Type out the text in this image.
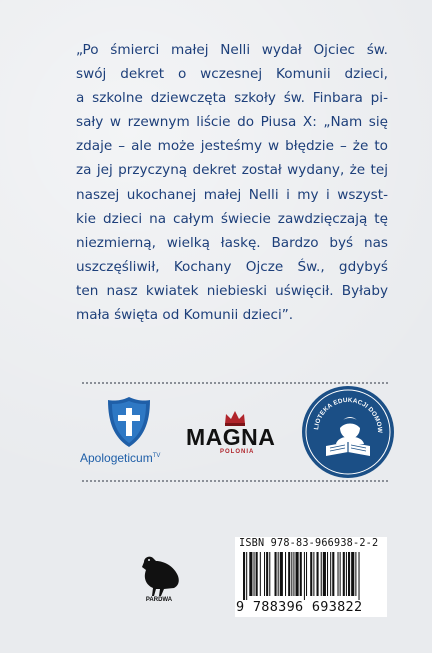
„Po śmierci małej Nelli wydał Ojciec św.
swój dekret o wczesnej Komunii dzieci,
a szkolne dziewczęta szkoły św. Finbara pi-
sały w rzewnym liście do Piusa X: „Nam się
zdaje – ale może jesteśmy w błędzie – że to
za jej przyczyną dekret został wydany, że tej
naszej ukochanej małej Nelli i my i wszyst-
kie dzieci na całym świecie zawdzięczają tę
niezmierną, wielką łaskę. Bardzo byś nas
uszczęśliwił, Kochany Ojcze Św., gdybyś
ten nasz kwiatek niebieski uświęcił. Byłaby
mała święta od Komunii dzieci”.

Apologeticum$^{TV}$
MAGNA
POLONIA
LIOTEKA EDUKACJI DOMOW
PARDWA
ISBN 978-83-966938-2-2
9 788396 693822
